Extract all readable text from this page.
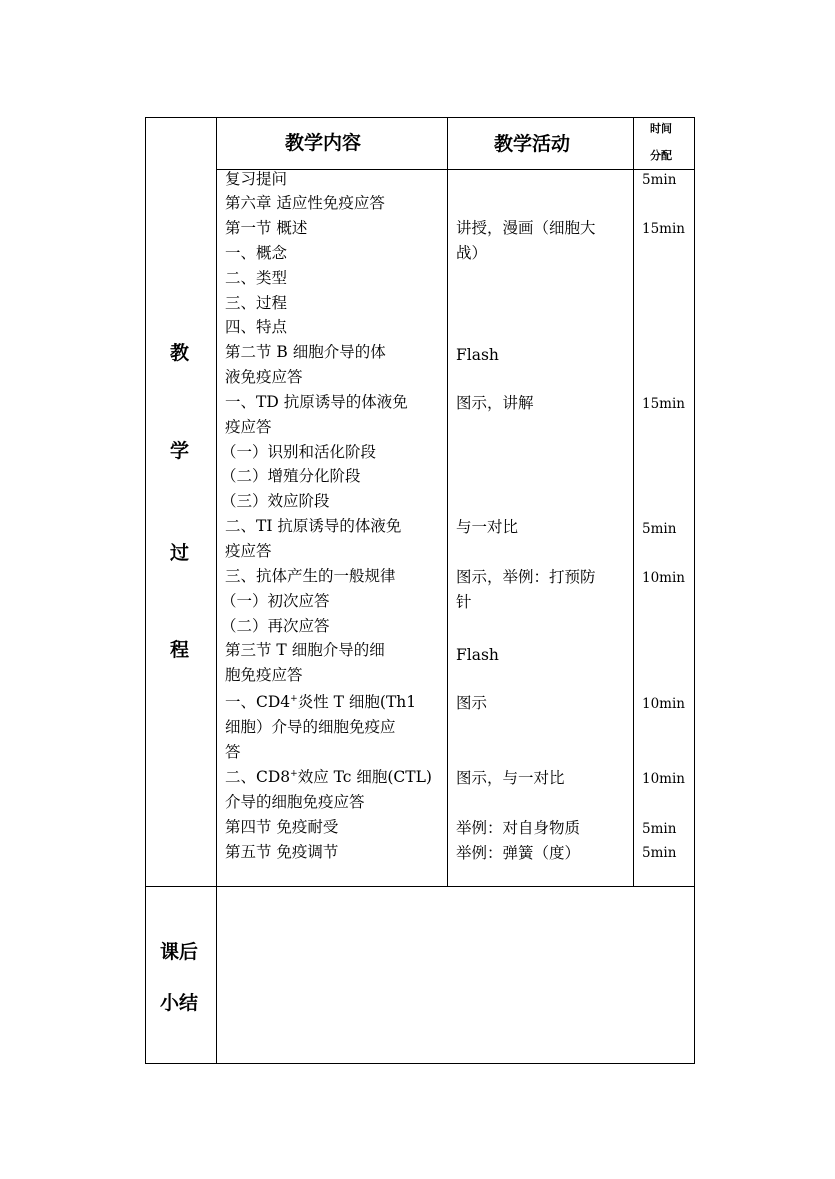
教学内容	教学活动
时间
分配
教
学
过
程
课后
小结
复习提问
第六章 适应性免疫应答
第一节 概述
一、概念
二、类型
三、过程
四、特点
第二节 B 细胞介导的体
液免疫应答
一、TD 抗原诱导的体液免
疫应答
（一）识别和活化阶段
（二）增殖分化阶段
（三）效应阶段
二、TI 抗原诱导的体液免
疫应答
三、抗体产生的一般规律
（一）初次应答
（二）再次应答
第三节 T 细胞介导的细
胞免疫应答
一、CD4+炎性 T 细胞(Th1
细胞）介导的细胞免疫应
答
二、CD8+效应 Tc 细胞(CTL)
介导的细胞免疫应答
第四节 免疫耐受
第五节 免疫调节
讲授，漫画（细胞大
战）
Flash
图示，讲解
与一对比
图示，举例：打预防
针
Flash
图示
图示，与一对比
举例：对自身物质
举例：弹簧（度）
5min
15min
15min
5min
10min
10min
10min
5min
5min
